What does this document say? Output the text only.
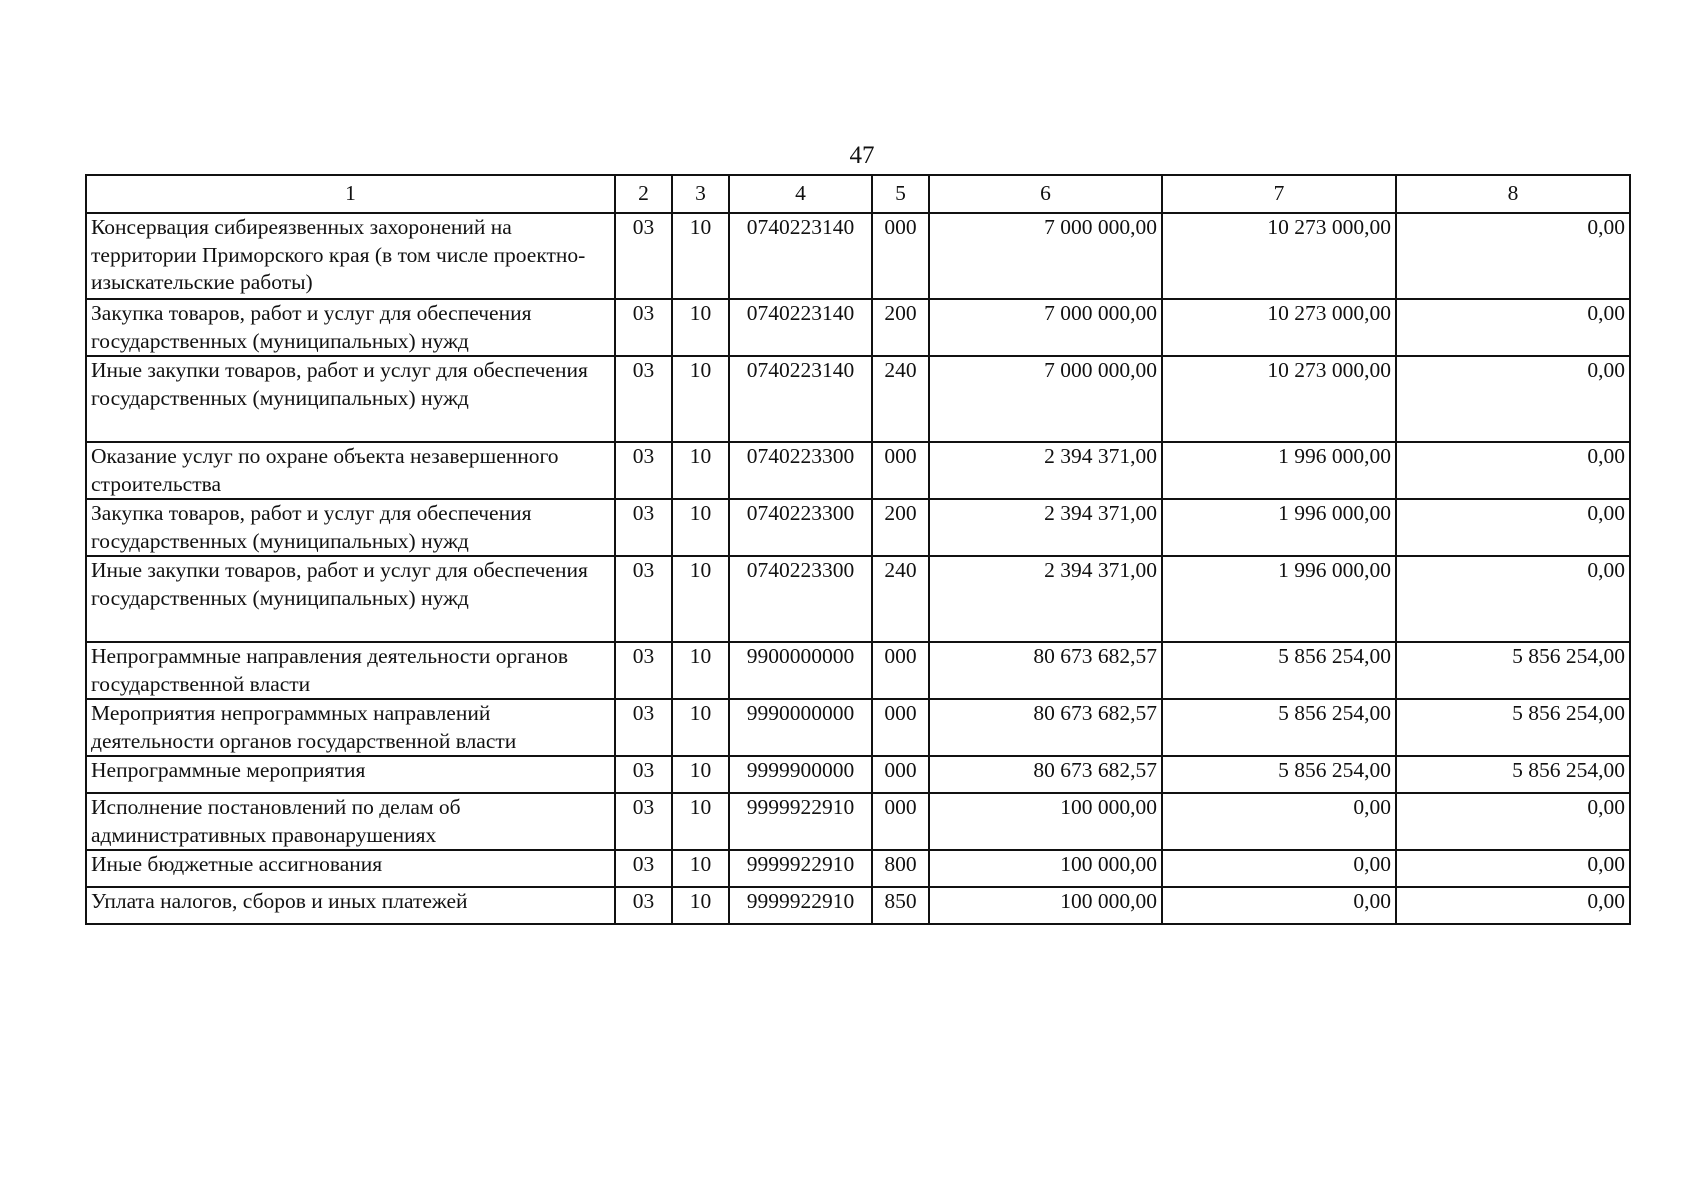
47
1	2	3	4	5	6	7	8
Консервация сибиреязвенных захоронений на территории Приморского края (в том числе проектно-изыскательские работы)	03	10	0740223140	000	7 000 000,00	10 273 000,00	0,00
Закупка товаров, работ и услуг для обеспечения государственных (муниципальных) нужд	03	10	0740223140	200	7 000 000,00	10 273 000,00	0,00
Иные закупки товаров, работ и услуг для обеспечения государственных (муниципальных) нужд	03	10	0740223140	240	7 000 000,00	10 273 000,00	0,00
Оказание услуг по охране объекта незавершенного строительства	03	10	0740223300	000	2 394 371,00	1 996 000,00	0,00
Закупка товаров, работ и услуг для обеспечения государственных (муниципальных) нужд	03	10	0740223300	200	2 394 371,00	1 996 000,00	0,00
Иные закупки товаров, работ и услуг для обеспечения государственных (муниципальных) нужд	03	10	0740223300	240	2 394 371,00	1 996 000,00	0,00
Непрограммные направления деятельности органов государственной власти	03	10	9900000000	000	80 673 682,57	5 856 254,00	5 856 254,00
Мероприятия непрограммных направлений деятельности органов государственной власти	03	10	9990000000	000	80 673 682,57	5 856 254,00	5 856 254,00
Непрограммные мероприятия	03	10	9999900000	000	80 673 682,57	5 856 254,00	5 856 254,00
Исполнение постановлений по делам об административных правонарушениях	03	10	9999922910	000	100 000,00	0,00	0,00
Иные бюджетные ассигнования	03	10	9999922910	800	100 000,00	0,00	0,00
Уплата налогов, сборов и иных платежей	03	10	9999922910	850	100 000,00	0,00	0,00
